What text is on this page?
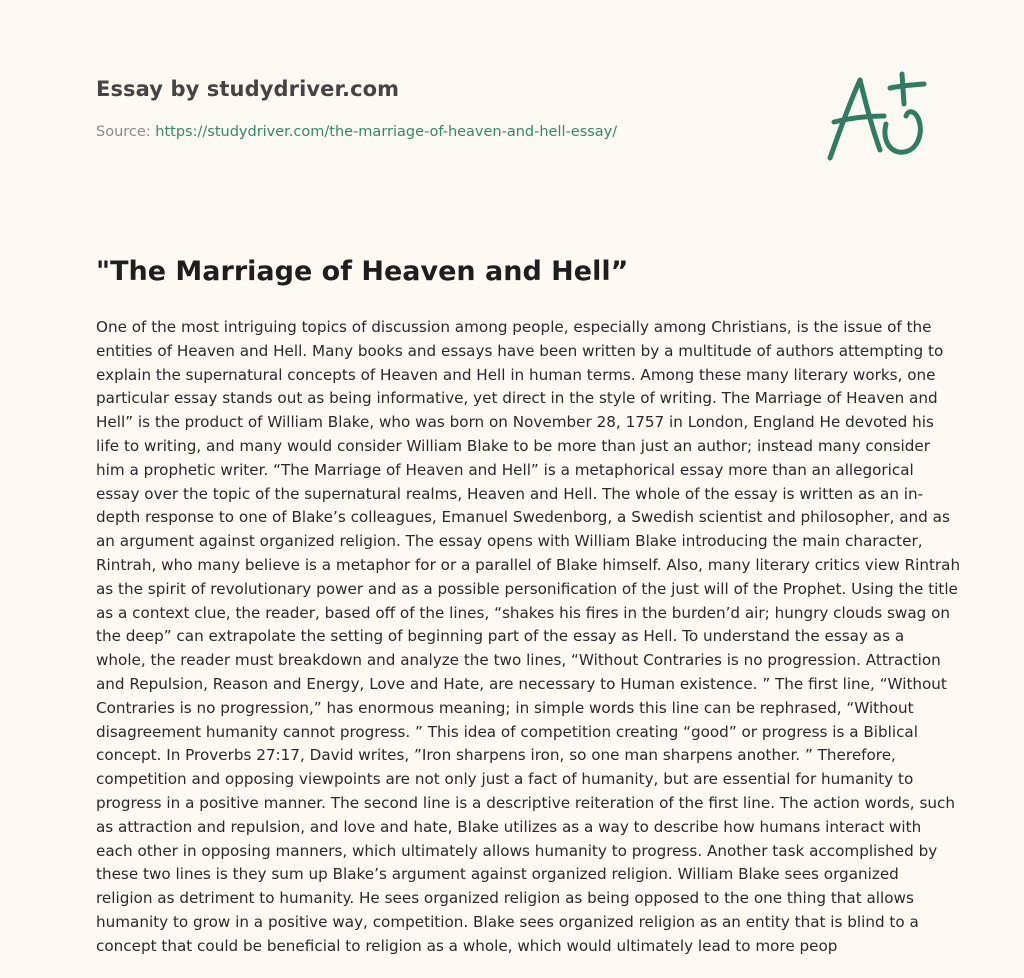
Essay by studydriver.com
Source: https://studydriver.com/the-marriage-of-heaven-and-hell-essay/
"The Marriage of Heaven and Hell”

One of the most intriguing topics of discussion among people, especially among Christians, is the issue of the
entities of Heaven and Hell. Many books and essays have been written by a multitude of authors attempting to
explain the supernatural concepts of Heaven and Hell in human terms. Among these many literary works, one
particular essay stands out as being informative, yet direct in the style of writing. The Marriage of Heaven and
Hell” is the product of William Blake, who was born on November 28, 1757 in London, England He devoted his
life to writing, and many would consider William Blake to be more than just an author; instead many consider
him a prophetic writer. “The Marriage of Heaven and Hell” is a metaphorical essay more than an allegorical
essay over the topic of the supernatural realms, Heaven and Hell. The whole of the essay is written as an in-
depth response to one of Blake’s colleagues, Emanuel Swedenborg, a Swedish scientist and philosopher, and as
an argument against organized religion. The essay opens with William Blake introducing the main character,
Rintrah, who many believe is a metaphor for or a parallel of Blake himself. Also, many literary critics view Rintrah
as the spirit of revolutionary power and as a possible personification of the just will of the Prophet. Using the title
as a context clue, the reader, based off of the lines, “shakes his fires in the burden’d air; hungry clouds swag on
the deep” can extrapolate the setting of beginning part of the essay as Hell. To understand the essay as a
whole, the reader must breakdown and analyze the two lines, “Without Contraries is no progression. Attraction
and Repulsion, Reason and Energy, Love and Hate, are necessary to Human existence. ” The first line, “Without
Contraries is no progression,” has enormous meaning; in simple words this line can be rephrased, “Without
disagreement humanity cannot progress. ” This idea of competition creating “good” or progress is a Biblical
concept. In Proverbs 27:17, David writes, ”Iron sharpens iron, so one man sharpens another. ” Therefore,
competition and opposing viewpoints are not only just a fact of humanity, but are essential for humanity to
progress in a positive manner. The second line is a descriptive reiteration of the first line. The action words, such
as attraction and repulsion, and love and hate, Blake utilizes as a way to describe how humans interact with
each other in opposing manners, which ultimately allows humanity to progress. Another task accomplished by
these two lines is they sum up Blake’s argument against organized religion. William Blake sees organized
religion as detriment to humanity. He sees organized religion as being opposed to the one thing that allows
humanity to grow in a positive way, competition. Blake sees organized religion as an entity that is blind to a
concept that could be beneficial to religion as a whole, which would ultimately lead to more peop
